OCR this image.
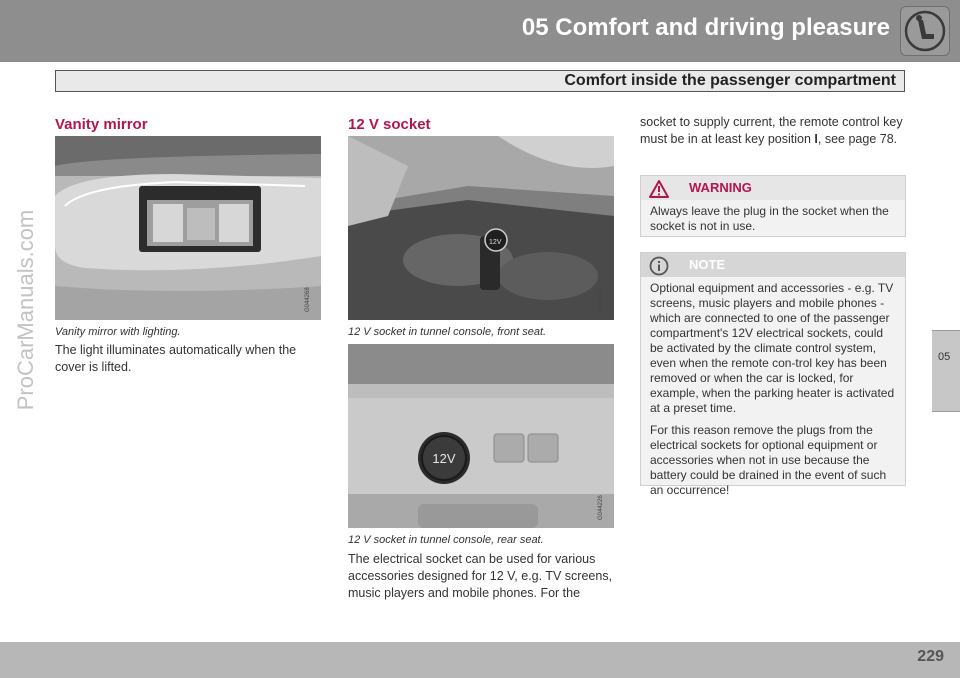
05 Comfort and driving pleasure
Comfort inside the passenger compartment
ProCarManuals.com
Vanity mirror
G044268
Vanity mirror with lighting.
The light illuminates automatically when the cover is lifted.
12 V socket
12V
G044711
12 V socket in tunnel console, front seat.
12V
G044226
12 V socket in tunnel console, rear seat.
The electrical socket can be used for various accessories designed for 12 V, e.g. TV screens, music players and mobile phones. For the
socket to supply current, the remote control key must be in at least key position I, see page 78.
WARNING
Always leave the plug in the socket when the socket is not in use.
NOTE

Optional equipment and accessories - e.g. TV screens, music players and mobile phones - which are connected to one of the passenger compartment's 12V electrical sockets, could be activated by the climate control system, even when the remote con-trol key has been removed or when the car is locked, for example, when the parking heater is activated at a preset time.

For this reason remove the plugs from the electrical sockets for optional equipment or accessories when not in use because the battery could be drained in the event of such an occurrence!

05
229
